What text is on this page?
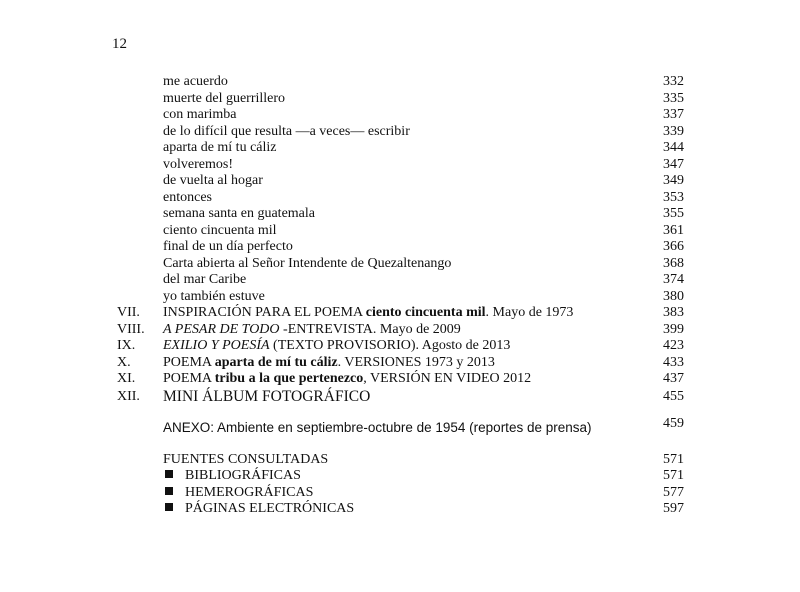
12
me acuerdo	332
muerte del guerrillero	335
con marimba	337
de lo difícil que resulta —a veces— escribir	339
aparta de mí tu cáliz	344
volveremos!	347
de vuelta al hogar	349
entonces	353
semana santa en guatemala	355
ciento cincuenta mil	361
final de un día perfecto	366
Carta abierta al Señor Intendente de Quezaltenango	368
del mar Caribe	374
yo también estuve	380
VII. INSPIRACIÓN PARA EL POEMA ciento cincuenta mil. Mayo de 1973	383
VIII. A PESAR DE TODO -ENTREVISTA. Mayo de 2009	399
IX. EXILIO Y POESÍA (TEXTO PROVISORIO). Agosto de 2013	423
X. POEMA aparta de mí tu cáliz. VERSIONES 1973 y 2013	433
XI. POEMA tribu a la que pertenezco, VERSIÓN EN VIDEO 2012	437
XII. MINI ÁLBUM FOTOGRÁFICO	455
ANEXO: Ambiente en septiembre-octubre de 1954 (reportes de prensa)	459
FUENTES CONSULTADAS	571
BIBLIOGRÁFICAS	571
HEMEROGRÁFICAS	577
PÁGINAS ELECTRÓNICAS	597
